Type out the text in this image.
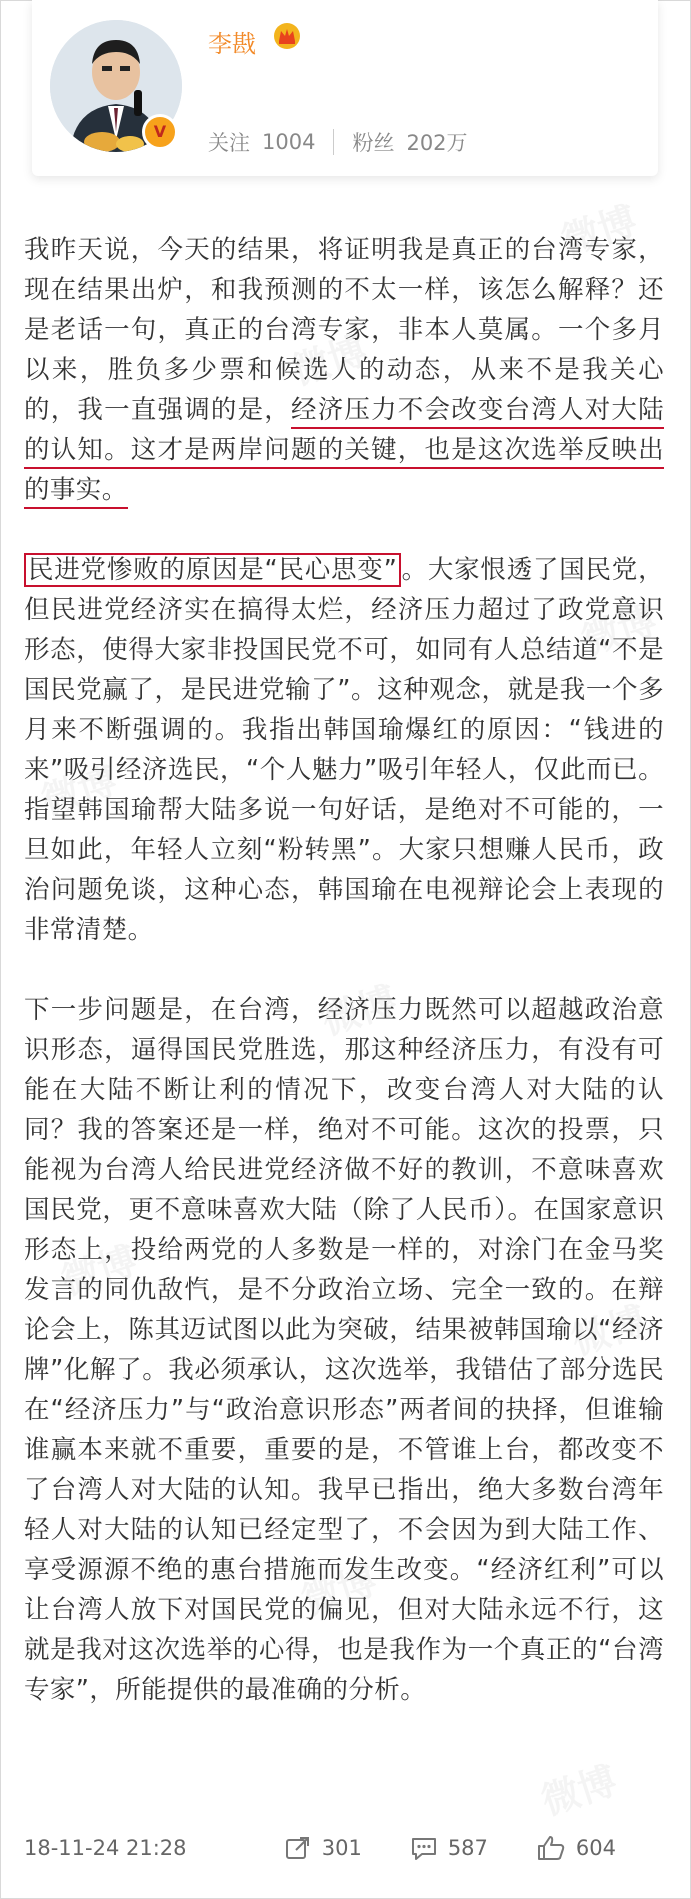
V
李戡
关注 1004 粉丝 202万

我昨天说，今天的结果，将证明我是真正的台湾专家，现在结果出炉，和我预测的不太一样，该怎么解释？还是老话一句，真正的台湾专家，非本人莫属。一个多月以来，胜负多少票和候选人的动态，从来不是我关心的，我一直强调的是，经济压力不会改变台湾人对大陆的认知。这才是两岸问题的关键，也是这次选举反映出的事实。

民进党惨败的原因是“民心思变” 。大家恨透了国民党，但民进党经济实在搞得太烂，经济压力超过了政党意识形态，使得大家非投国民党不可，如同有人总结道“不是国民党赢了，是民进党输了”。这种观念，就是我一个多月来不断强调的。我指出韩国瑜爆红的原因：“钱进的来”吸引经济选民，“个人魅力”吸引年轻人，仅此而已。指望韩国瑜帮大陆多说一句好话，是绝对不可能的，一旦如此，年轻人立刻“粉转黑”。大家只想赚人民币，政治问题免谈，这种心态，韩国瑜在电视辩论会上表现的非常清楚。

下一步问题是，在台湾，经济压力既然可以超越政治意识形态，逼得国民党胜选，那这种经济压力，有没有可能在大陆不断让利的情况下，改变台湾人对大陆的认同？我的答案还是一样，绝对不可能。这次的投票，只能视为台湾人给民进党经济做不好的教训，不意味喜欢国民党，更不意味喜欢大陆（除了人民币）。在国家意识形态上，投给两党的人多数是一样的，对涂门在金马奖发言的同仇敌忾，是不分政治立场、完全一致的。在辩论会上，陈其迈试图以此为突破，结果被韩国瑜以“经济牌”化解了。我必须承认，这次选举，我错估了部分选民在“经济压力”与“政治意识形态”两者间的抉择，但谁输谁赢本来就不重要，重要的是，不管谁上台，都改变不了台湾人对大陆的认知。我早已指出，绝大多数台湾年轻人对大陆的认知已经定型了，不会因为到大陆工作、享受源源不绝的惠台措施而发生改变。“经济红利”可以让台湾人放下对国民党的偏见，但对大陆永远不行，这就是我对这次选举的心得，也是我作为一个真正的“台湾专家”，所能提供的最准确的分析。

18-11-24 21:28	301	587	604
